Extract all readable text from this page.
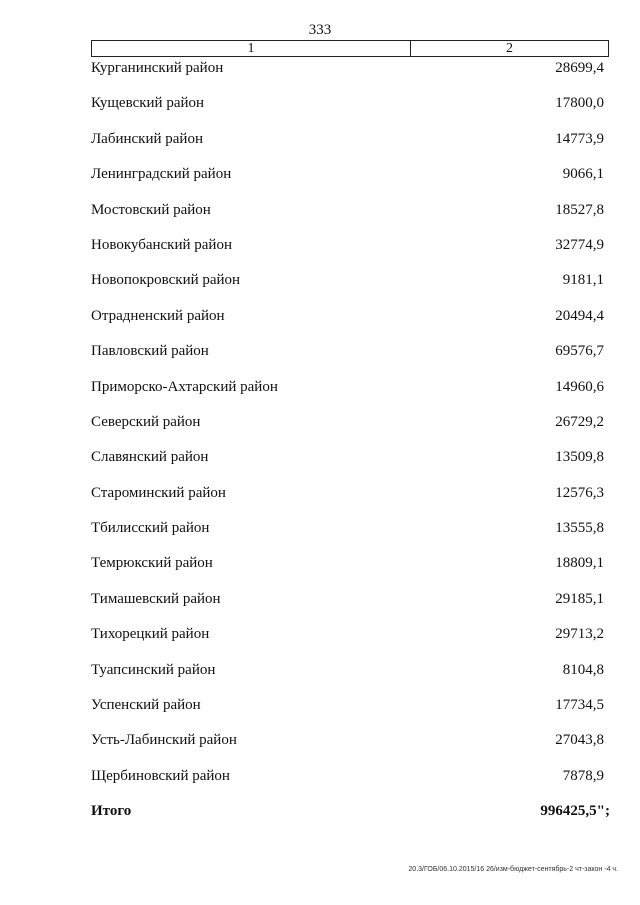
333
1	2
Курганинский район	28699,4
Кущевский район	17800,0
Лабинский район	14773,9
Ленинградский район	9066,1
Мостовский район	18527,8
Новокубанский район	32774,9
Новопокровский район	9181,1
Отрадненский район	20494,4
Павловский район	69576,7
Приморско-Ахтарский район	14960,6
Северский район	26729,2
Славянский район	13509,8
Староминский район	12576,3
Тбилисский район	13555,8
Темрюкский район	18809,1
Тимашевский район	29185,1
Тихорецкий район	29713,2
Туапсинский район	8104,8
Успенский район	17734,5
Усть-Лабинский район	27043,8
Щербиновский район	7878,9
Итого	996425,5";
20.3/ГОБ/06.10.2015/16 26/изм-бюджет-сентябрь-2 чт-закон -4 ч.
